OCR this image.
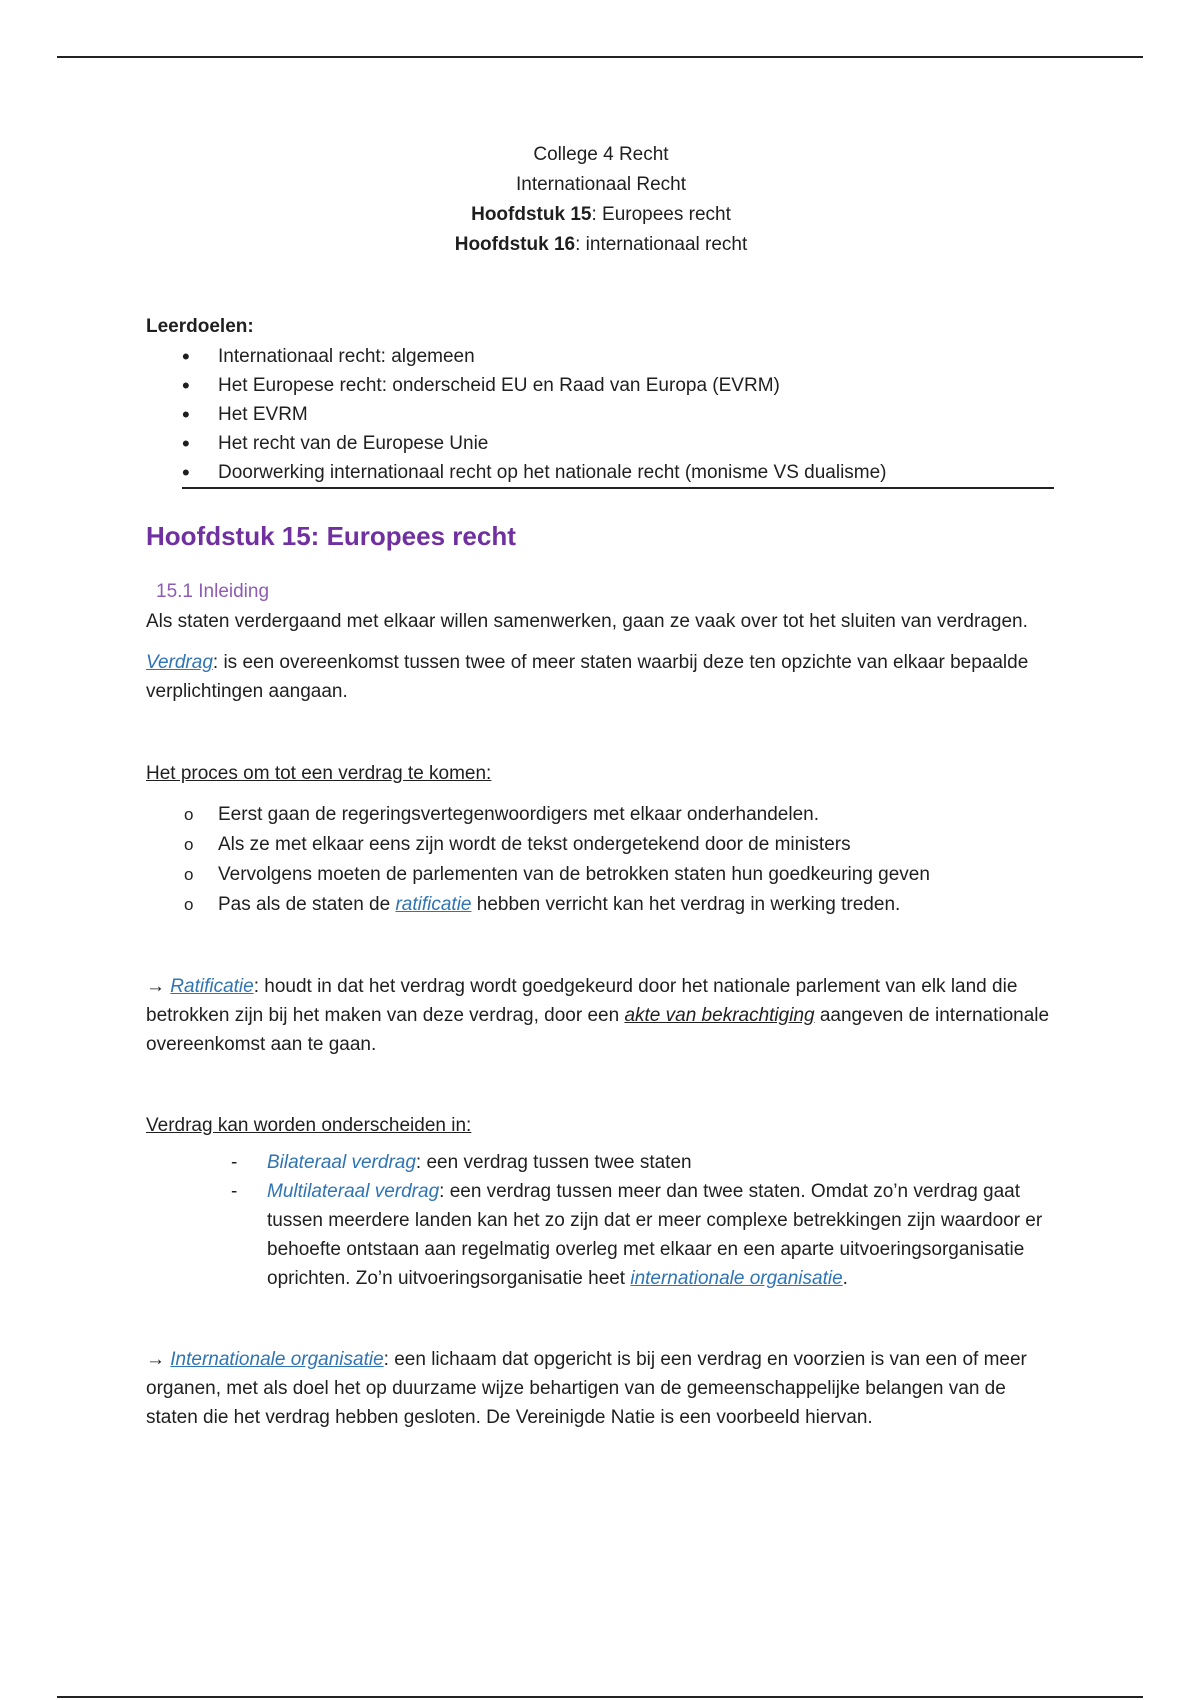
College 4 Recht
Internationaal Recht
Hoofdstuk 15: Europees recht
Hoofdstuk 16: internationaal recht
Leerdoelen:
• Internationaal recht: algemeen
• Het Europese recht: onderscheid EU en Raad van Europa (EVRM)
• Het EVRM
• Het recht van de Europese Unie
• Doorwerking internationaal recht op het nationale recht (monisme VS dualisme)
Hoofdstuk 15: Europees recht
15.1 Inleiding

Als staten verdergaand met elkaar willen samenwerken, gaan ze vaak over tot het sluiten van verdragen.

Verdrag: is een overeenkomst tussen twee of meer staten waarbij deze ten opzichte van elkaar bepaalde verplichtingen aangaan.

Het proces om tot een verdrag te komen:

o Eerst gaan de regeringsvertegenwoordigers met elkaar onderhandelen.
o Als ze met elkaar eens zijn wordt de tekst ondergetekend door de ministers
o Vervolgens moeten de parlementen van de betrokken staten hun goedkeuring geven
o Pas als de staten de ratificatie hebben verricht kan het verdrag in werking treden.

→ Ratificatie: houdt in dat het verdrag wordt goedgekeurd door het nationale parlement van elk land die betrokken zijn bij het maken van deze verdrag, door een akte van bekrachtiging aangeven de internationale overeenkomst aan te gaan.

Verdrag kan worden onderscheiden in:

- Bilateraal verdrag: een verdrag tussen twee staten
- Multilateraal verdrag: een verdrag tussen meer dan twee staten. Omdat zo’n verdrag gaat tussen meerdere landen kan het zo zijn dat er meer complexe betrekkingen zijn waardoor er behoefte ontstaan aan regelmatig overleg met elkaar en een aparte uitvoeringsorganisatie oprichten. Zo’n uitvoeringsorganisatie heet internationale organisatie.

→ Internationale organisatie: een lichaam dat opgericht is bij een verdrag en voorzien is van een of meer organen, met als doel het op duurzame wijze behartigen van de gemeenschappelijke belangen van de staten die het verdrag hebben gesloten. De Vereinigde Natie is een voorbeeld hiervan.
